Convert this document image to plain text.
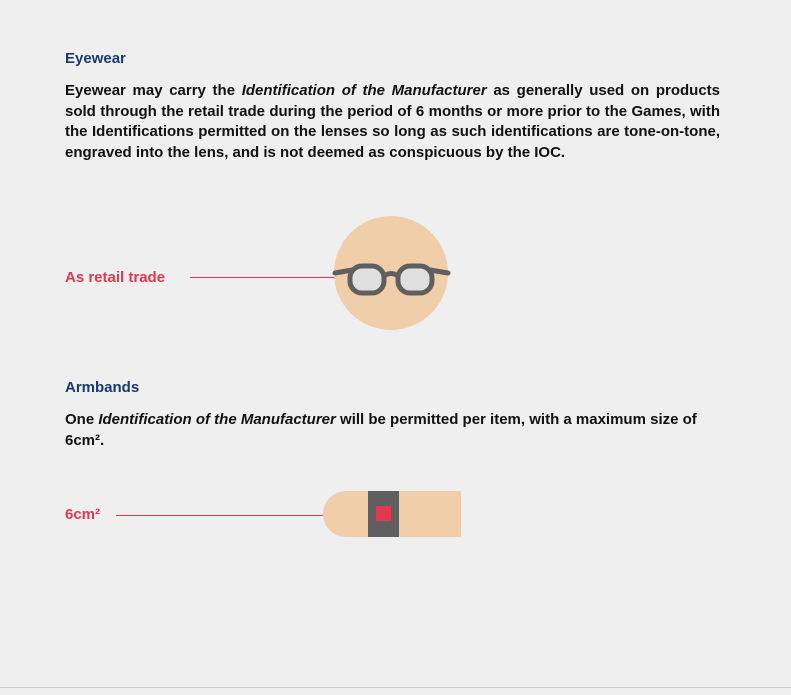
Eyewear

Eyewear may carry the Identification of the Manufacturer as generally used on products sold through the retail trade during the period of 6 months or more prior to the Games, with the Identifications permitted on the lenses so long as such identifications are tone-on-tone, engraved into the lens, and is not deemed as conspicuous by the IOC.

As retail trade
Armbands

One Identification of the Manufacturer will be permitted per item, with a maximum size of 6cm².

6cm²
